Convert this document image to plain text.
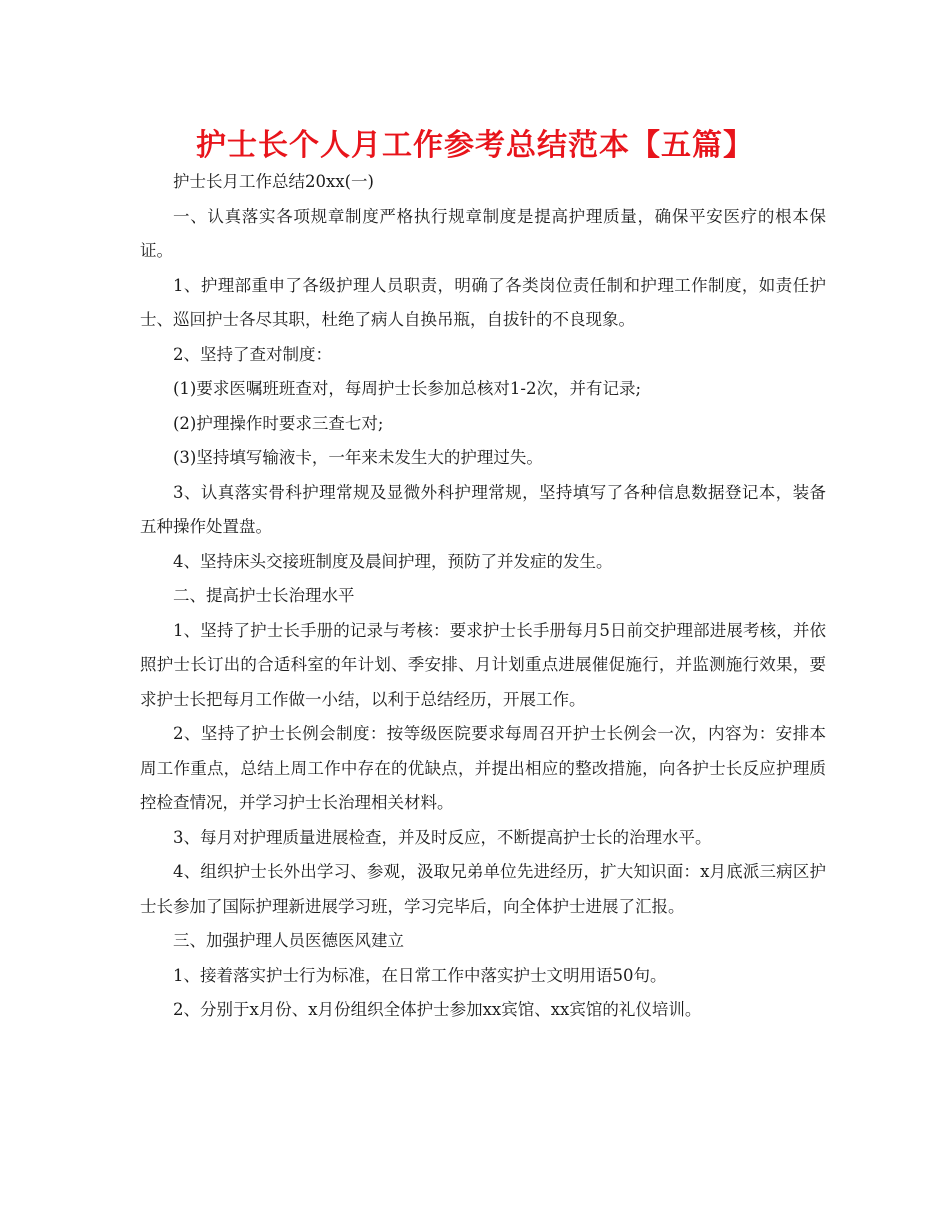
护士长个人月工作参考总结范本【五篇】

护士长月工作总结20xx(一)

一、认真落实各项规章制度严格执行规章制度是提高护理质量，确保平安医疗的根本保证。

1、护理部重申了各级护理人员职责，明确了各类岗位责任制和护理工作制度，如责任护士、巡回护士各尽其职，杜绝了病人自换吊瓶，自拔针的不良现象。

2、坚持了查对制度：

(1)要求医嘱班班查对，每周护士长参加总核对1-2次，并有记录;

(2)护理操作时要求三查七对;

(3)坚持填写输液卡，一年来未发生大的护理过失。

3、认真落实骨科护理常规及显微外科护理常规，坚持填写了各种信息数据登记本，装备五种操作处置盘。

4、坚持床头交接班制度及晨间护理，预防了并发症的发生。

二、提高护士长治理水平

1、坚持了护士长手册的记录与考核：要求护士长手册每月5日前交护理部进展考核，并依照护士长订出的合适科室的年计划、季安排、月计划重点进展催促施行，并监测施行效果，要求护士长把每月工作做一小结，以利于总结经历，开展工作。

2、坚持了护士长例会制度：按等级医院要求每周召开护士长例会一次，内容为：安排本周工作重点，总结上周工作中存在的优缺点，并提出相应的整改措施，向各护士长反应护理质控检查情况，并学习护士长治理相关材料。

3、每月对护理质量进展检查，并及时反应，不断提高护士长的治理水平。

4、组织护士长外出学习、参观，汲取兄弟单位先进经历，扩大知识面：x月底派三病区护士长参加了国际护理新进展学习班，学习完毕后，向全体护士进展了汇报。

三、加强护理人员医德医风建立

1、接着落实护士行为标准，在日常工作中落实护士文明用语50句。

2、分别于x月份、x月份组织全体护士参加xx宾馆、xx宾馆的礼仪培训。
